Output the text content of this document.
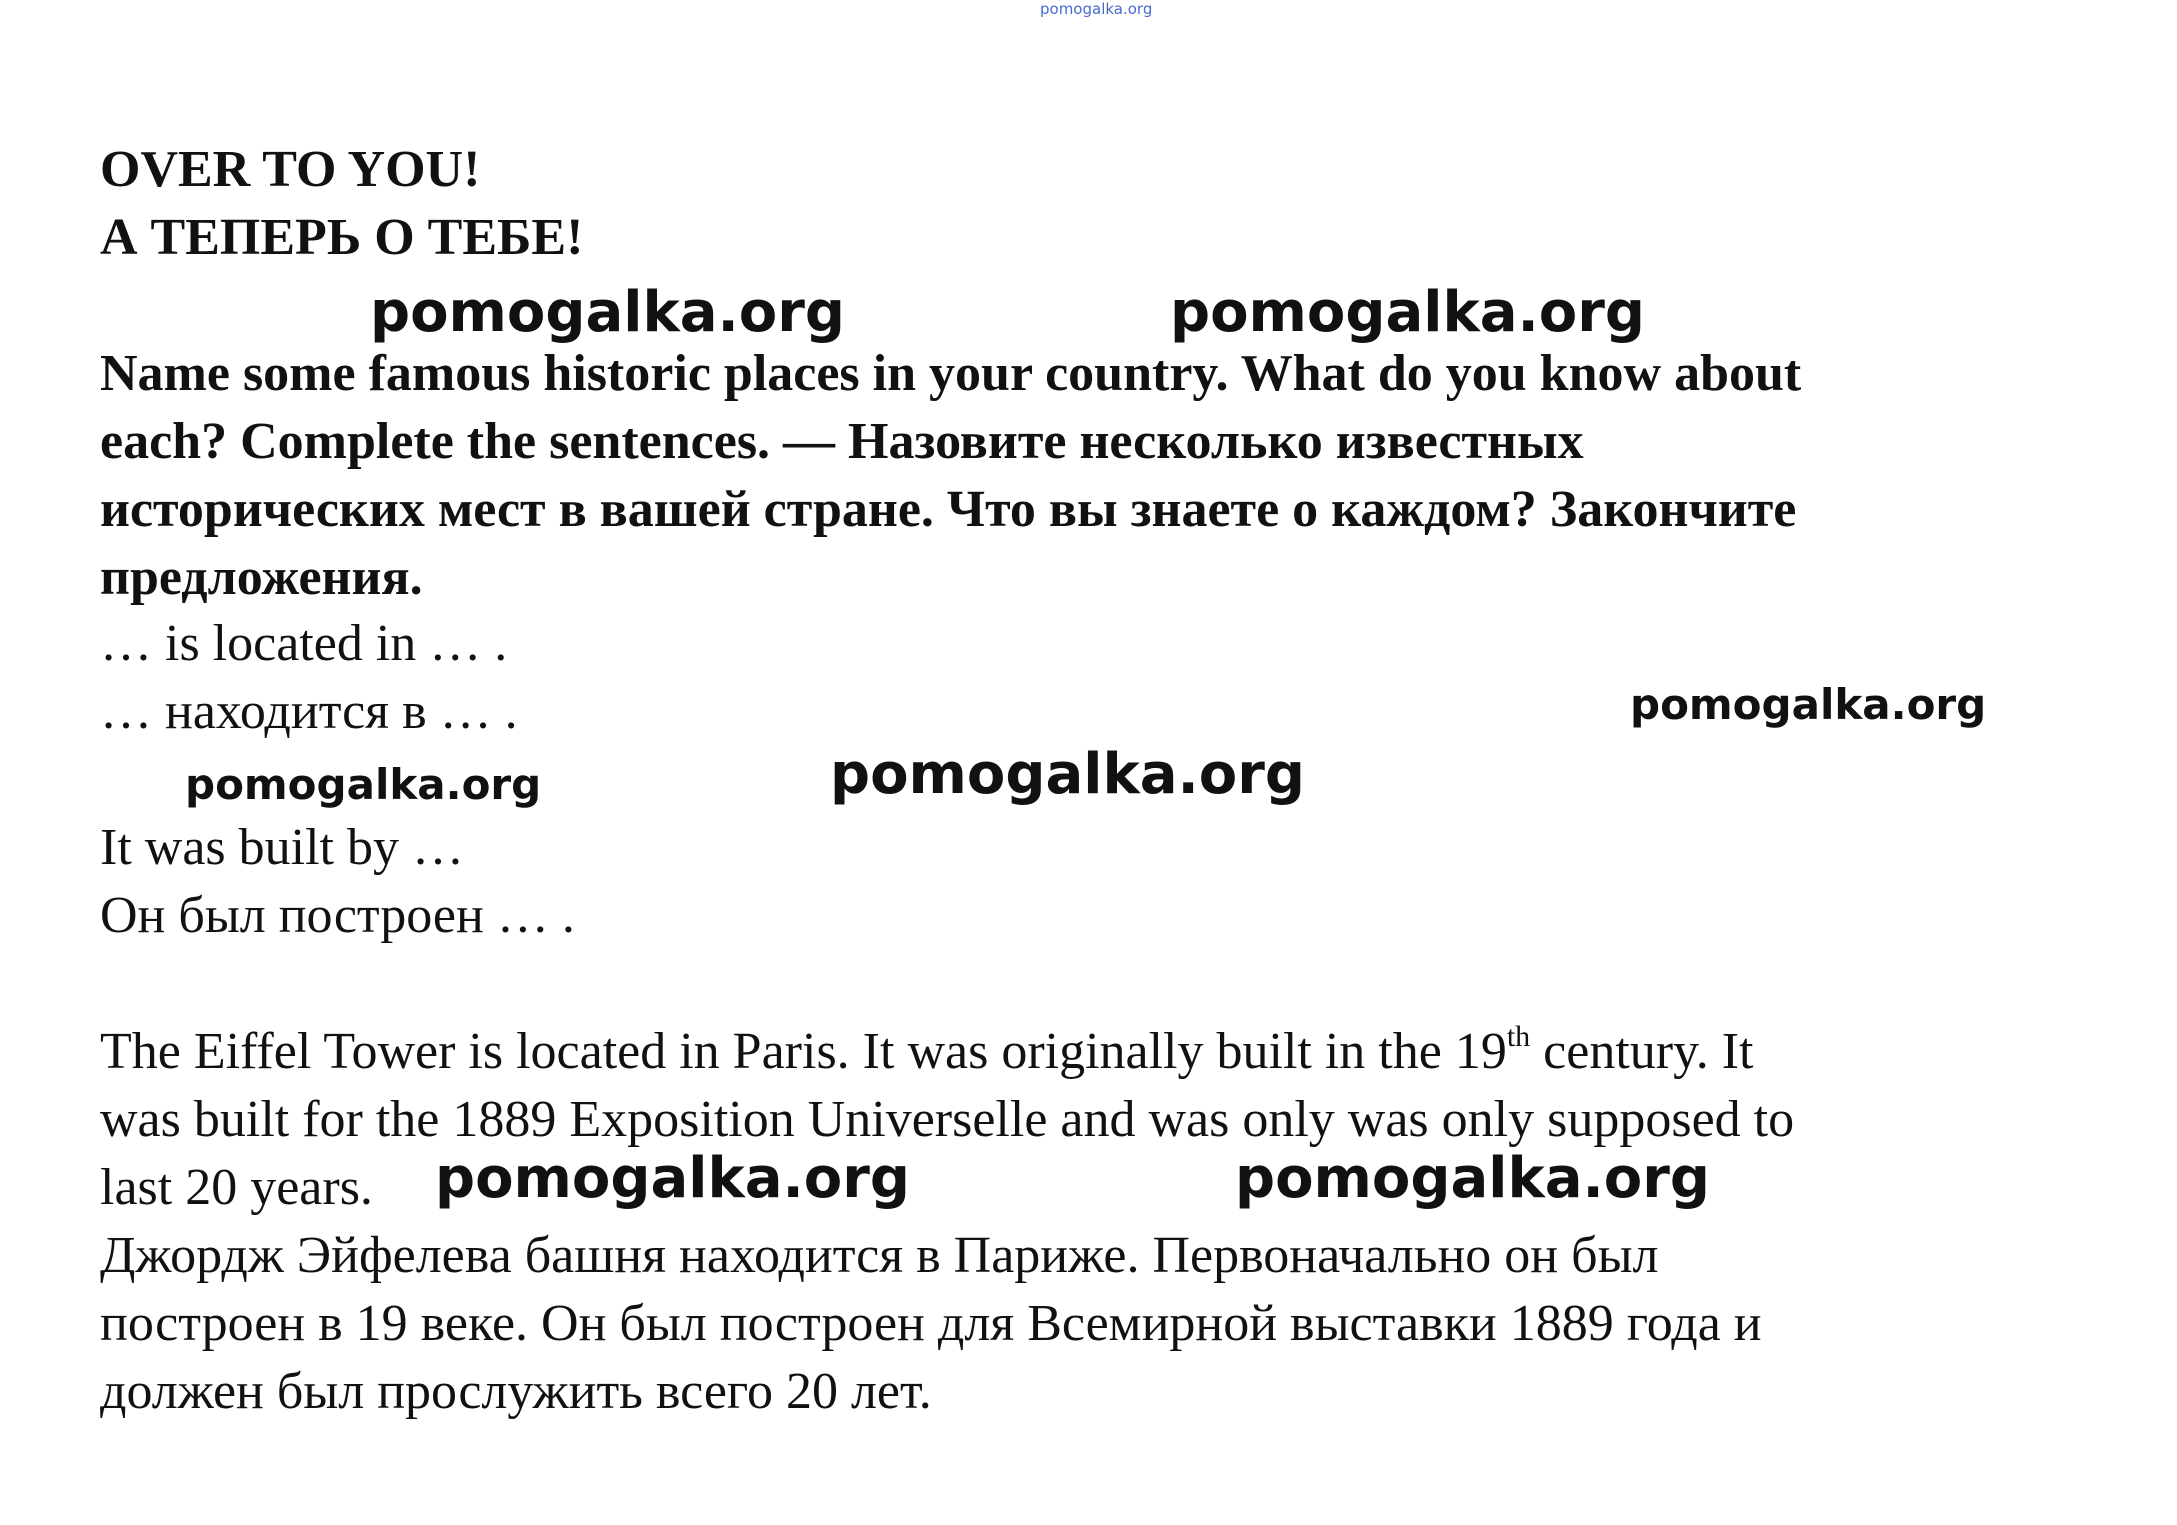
pomogalka.org
pomogalka.org	pomogalka.org
pomogalka.org
pomogalka.org	pomogalka.org
pomogalka.org	pomogalka.org
OVER TO YOU!
А ТЕПЕРЬ О ТЕБЕ!
Name some famous historic places in your country. What do you know about
each? Complete the sentences. — Назовите несколько известных
исторических мест в вашей стране. Что вы знаете о каждом? Закончите
предложения.
… is located in … .
… находится в … .
It was built by …
Он был построен … .
The Eiffel Tower is located in Paris. It was originally built in the 19th century. It
was built for the 1889 Exposition Universelle and was only was only supposed to
last 20 years.
Джордж Эйфелева башня находится в Париже. Первоначально он был
построен в 19 веке. Он был построен для Всемирной выставки 1889 года и
должен был прослужить всего 20 лет.
